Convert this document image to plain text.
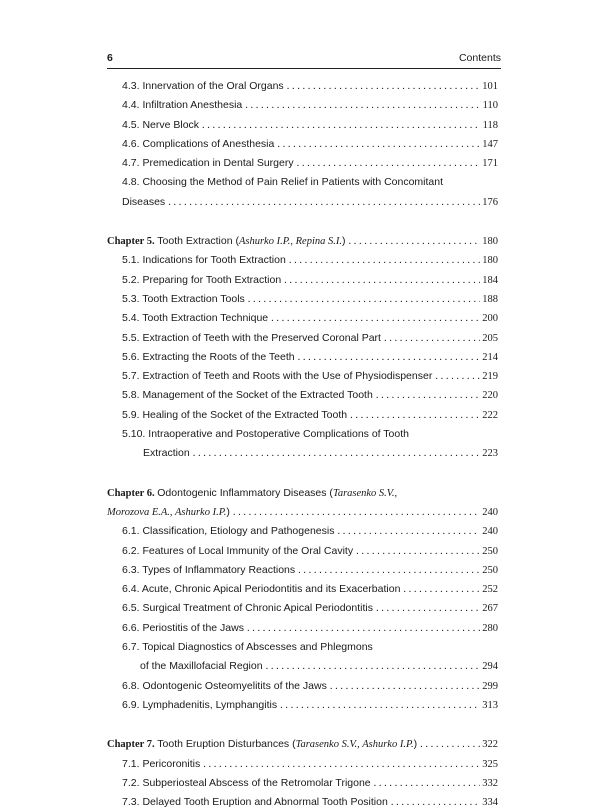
6	Contents
4.3. Innervation of the Oral Organs . . .	101
4.4. Infiltration Anesthesia . . .	110
4.5. Nerve Block . . .	118
4.6. Complications of Anesthesia . . .	147
4.7. Premedication in Dental Surgery . . .	171
4.8. Choosing the Method of Pain Relief in Patients with Concomitant
Diseases . . .	176
Chapter 5. Tooth Extraction (Ashurko I.P., Repina S.I.) . . .	180
5.1. Indications for Tooth Extraction . . .	180
5.2. Preparing for Tooth Extraction . . .	184
5.3. Tooth Extraction Tools . . .	188
5.4. Tooth Extraction Technique . . .	200
5.5. Extraction of Teeth with the Preserved Coronal Part . . .	205
5.6. Extracting the Roots of the Teeth . . .	214
5.7. Extraction of Teeth and Roots with the Use of Physiodispenser . . .	219
5.8. Management of the Socket of the Extracted Tooth . . .	220
5.9. Healing of the Socket of the Extracted Tooth . . .	222
5.10. Intraoperative and Postoperative Complications of Tooth
Extraction . . .	223
Chapter 6. Odontogenic Inflammatory Diseases (Tarasenko S.V.,
Morozova E.A., Ashurko I.P.) . . .	240
6.1. Classification, Etiology and Pathogenesis . . .	240
6.2. Features of Local Immunity of the Oral Cavity . . .	250
6.3. Types of Inflammatory Reactions . . .	250
6.4. Acute, Chronic Apical Periodontitis and its Exacerbation . . .	252
6.5. Surgical Treatment of Chronic Apical Periodontitis . . .	267
6.6. Periostitis of the Jaws . . .	280
6.7. Topical Diagnostics of Abscesses and Phlegmons
of the Maxillofacial Region . . .	294
6.8. Odontogenic Osteomyelitits of the Jaws . . .	299
6.9. Lymphadenitis, Lymphangitis . . .	313
Chapter 7. Tooth Eruption Disturbances (Tarasenko S.V., Ashurko I.P.) . . .	322
7.1. Pericoronitis . . .	325
7.2. Subperiosteal Abscess of the Retromolar Trigone . . .	332
7.3. Delayed Tooth Eruption and Abnormal Tooth Position . . .	334
